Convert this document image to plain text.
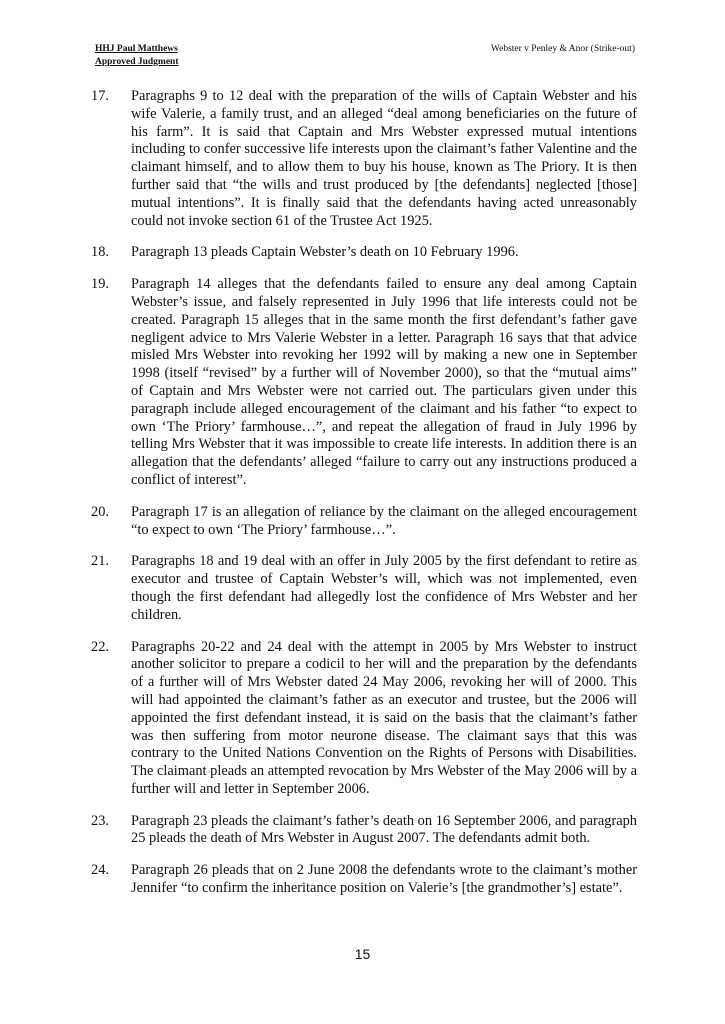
HHJ Paul Matthews
Approved Judgment
Webster v Penley & Anor (Strike-out)
17. Paragraphs 9 to 12 deal with the preparation of the wills of Captain Webster and his wife Valerie, a family trust, and an alleged “deal among beneficiaries on the future of his farm”. It is said that Captain and Mrs Webster expressed mutual intentions including to confer successive life interests upon the claimant’s father Valentine and the claimant himself, and to allow them to buy his house, known as The Priory. It is then further said that “the wills and trust produced by [the defendants] neglected [those] mutual intentions”. It is finally said that the defendants having acted unreasonably could not invoke section 61 of the Trustee Act 1925.
18. Paragraph 13 pleads Captain Webster’s death on 10 February 1996.
19. Paragraph 14 alleges that the defendants failed to ensure any deal among Captain Webster’s issue, and falsely represented in July 1996 that life interests could not be created. Paragraph 15 alleges that in the same month the first defendant’s father gave negligent advice to Mrs Valerie Webster in a letter. Paragraph 16 says that that advice misled Mrs Webster into revoking her 1992 will by making a new one in September 1998 (itself “revised” by a further will of November 2000), so that the “mutual aims” of Captain and Mrs Webster were not carried out. The particulars given under this paragraph include alleged encouragement of the claimant and his father “to expect to own ‘The Priory’ farmhouse…”, and repeat the allegation of fraud in July 1996 by telling Mrs Webster that it was impossible to create life interests. In addition there is an allegation that the defendants’ alleged “failure to carry out any instructions produced a conflict of interest”.
20. Paragraph 17 is an allegation of reliance by the claimant on the alleged encouragement “to expect to own ‘The Priory’ farmhouse…”.
21. Paragraphs 18 and 19 deal with an offer in July 2005 by the first defendant to retire as executor and trustee of Captain Webster’s will, which was not implemented, even though the first defendant had allegedly lost the confidence of Mrs Webster and her children.
22. Paragraphs 20-22 and 24 deal with the attempt in 2005 by Mrs Webster to instruct another solicitor to prepare a codicil to her will and the preparation by the defendants of a further will of Mrs Webster dated 24 May 2006, revoking her will of 2000. This will had appointed the claimant’s father as an executor and trustee, but the 2006 will appointed the first defendant instead, it is said on the basis that the claimant’s father was then suffering from motor neurone disease. The claimant says that this was contrary to the United Nations Convention on the Rights of Persons with Disabilities. The claimant pleads an attempted revocation by Mrs Webster of the May 2006 will by a further will and letter in September 2006.
23. Paragraph 23 pleads the claimant’s father’s death on 16 September 2006, and paragraph 25 pleads the death of Mrs Webster in August 2007. The defendants admit both.
24. Paragraph 26 pleads that on 2 June 2008 the defendants wrote to the claimant’s mother Jennifer “to confirm the inheritance position on Valerie’s [the grandmother’s] estate”.
15
